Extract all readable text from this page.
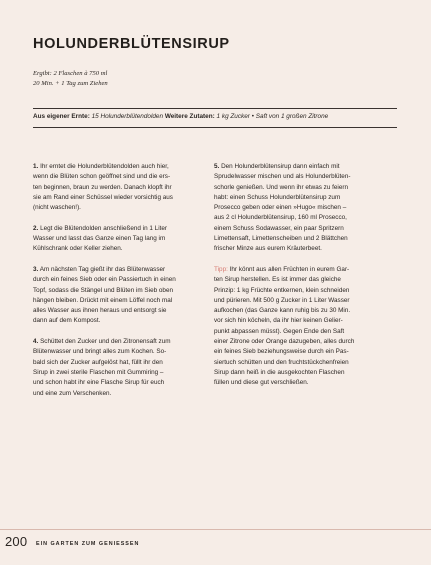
HOLUNDERBLÜTENSIRUP
Ergibt: 2 Flaschen à 750 ml
20 Min. + 1 Tag zum Ziehen
Aus eigener Ernte: 15 Holunderblütendolden Weitere Zutaten: 1 kg Zucker • Saft von 1 großen Zitrone

1. Ihr erntet die Holunderblütendolden auch hier,
wenn die Blüten schon geöffnet sind und die ers-
ten beginnen, braun zu werden. Danach klopft ihr
sie am Rand einer Schüssel wieder vorsichtig aus
(nicht waschen!).

2. Legt die Blütendolden anschließend in 1 Liter
Wasser und lasst das Ganze einen Tag lang im
Kühlschrank oder Keller ziehen.

3. Am nächsten Tag gießt ihr das Blütenwasser
durch ein feines Sieb oder ein Passiertuch in einen
Topf, sodass die Stängel und Blüten im Sieb oben
hängen bleiben. Drückt mit einem Löffel noch mal
alles Wasser aus ihnen heraus und entsorgt sie
dann auf dem Kompost.

4. Schüttet den Zucker und den Zitronensaft zum
Blütenwasser und bringt alles zum Kochen. So-
bald sich der Zucker aufgelöst hat, füllt ihr den
Sirup in zwei sterile Flaschen mit Gummiring –
und schon habt ihr eine Flasche Sirup für euch
und eine zum Verschenken.

5. Den Holunderblütensirup dann einfach mit
Sprudelwasser mischen und als Holunderblüten-
schorle genießen. Und wenn ihr etwas zu feiern
habt: einen Schuss Holunderblütensirup zum
Prosecco geben oder einen »Hugo« mischen –
aus 2 cl Holunderblütensirup, 160 ml Prosecco,
einem Schuss Sodawasser, ein paar Spritzern
Limettensaft, Limettenscheiben und 2 Blättchen
frischer Minze aus eurem Kräuterbeet.

Tipp: Ihr könnt aus allen Früchten in eurem Gar-
ten Sirup herstellen. Es ist immer das gleiche
Prinzip: 1 kg Früchte entkernen, klein schneiden
und pürieren. Mit 500 g Zucker in 1 Liter Wasser
aufkochen (das Ganze kann ruhig bis zu 30 Min.
vor sich hin köcheln, da ihr hier keinen Gelier-
punkt abpassen müsst). Gegen Ende den Saft
einer Zitrone oder Orange dazugeben, alles durch
ein feines Sieb beziehungsweise durch ein Pas-
siertuch schütten und den fruchtstückchenfreien
Sirup dann heiß in die ausgekochten Flaschen
füllen und diese gut verschließen.

200 EIN GARTEN ZUM GENIESSEN
